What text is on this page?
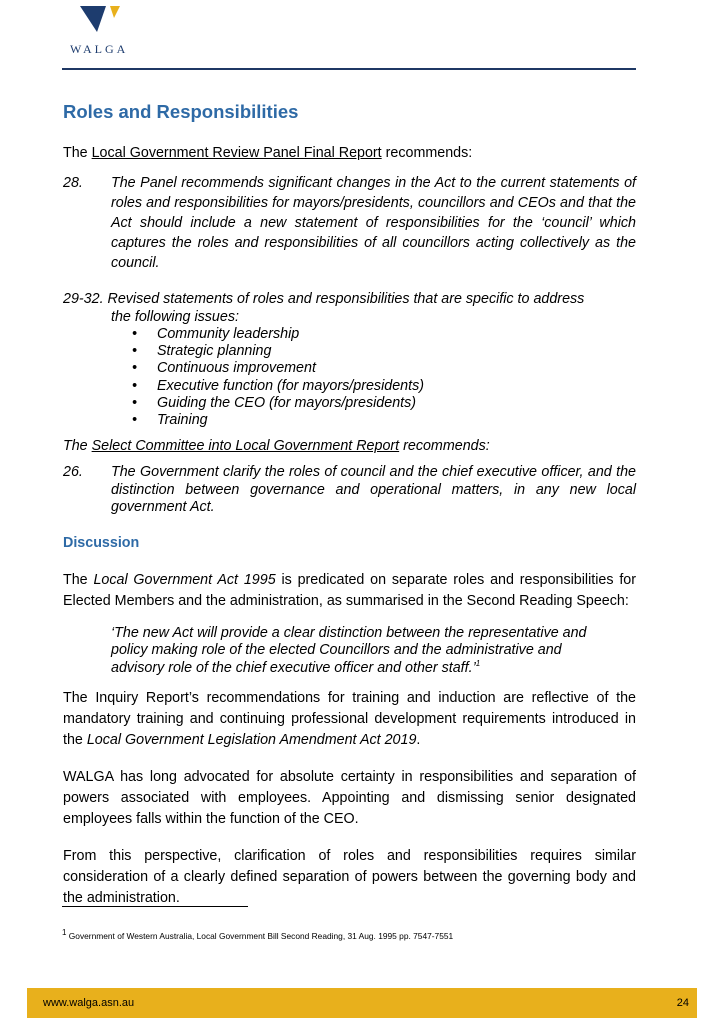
WALGA
Roles and Responsibilities

The Local Government Review Panel Final Report recommends:

28.	The Panel recommends significant changes in the Act to the current statements of roles and responsibilities for mayors/presidents, councillors and CEOs and that the Act should include a new statement of responsibilities for the ‘council’ which captures the roles and responsibilities of all councillors acting collectively as the council.
29-32. Revised statements of roles and responsibilities that are specific to address
the following issues:
•	Community leadership
•	Strategic planning
•	Continuous improvement
•	Executive function (for mayors/presidents)
•	Guiding the CEO (for mayors/presidents)
•	Training

The Select Committee into Local Government Report recommends:

26.	The Government clarify the roles of council and the chief executive officer, and the distinction between governance and operational matters, in any new local government Act.
Discussion

The Local Government Act 1995 is predicated on separate roles and responsibilities for Elected Members and the administration, as summarised in the Second Reading Speech:

‘The new Act will provide a clear distinction between the representative and policy making role of the elected Councillors and the administrative and advisory role of the chief executive officer and other staff.’$^1$

The Inquiry Report’s recommendations for training and induction are reflective of the mandatory training and continuing professional development requirements introduced in the Local Government Legislation Amendment Act 2019.

WALGA has long advocated for absolute certainty in responsibilities and separation of powers associated with employees. Appointing and dismissing senior designated employees falls within the function of the CEO.

From this perspective, clarification of roles and responsibilities requires similar consideration of a clearly defined separation of powers between the governing body and the administration.

$^1$ Government of Western Australia, Local Government Bill Second Reading, 31 Aug. 1995 pp. 7547-7551
www.walga.asn.au	24
